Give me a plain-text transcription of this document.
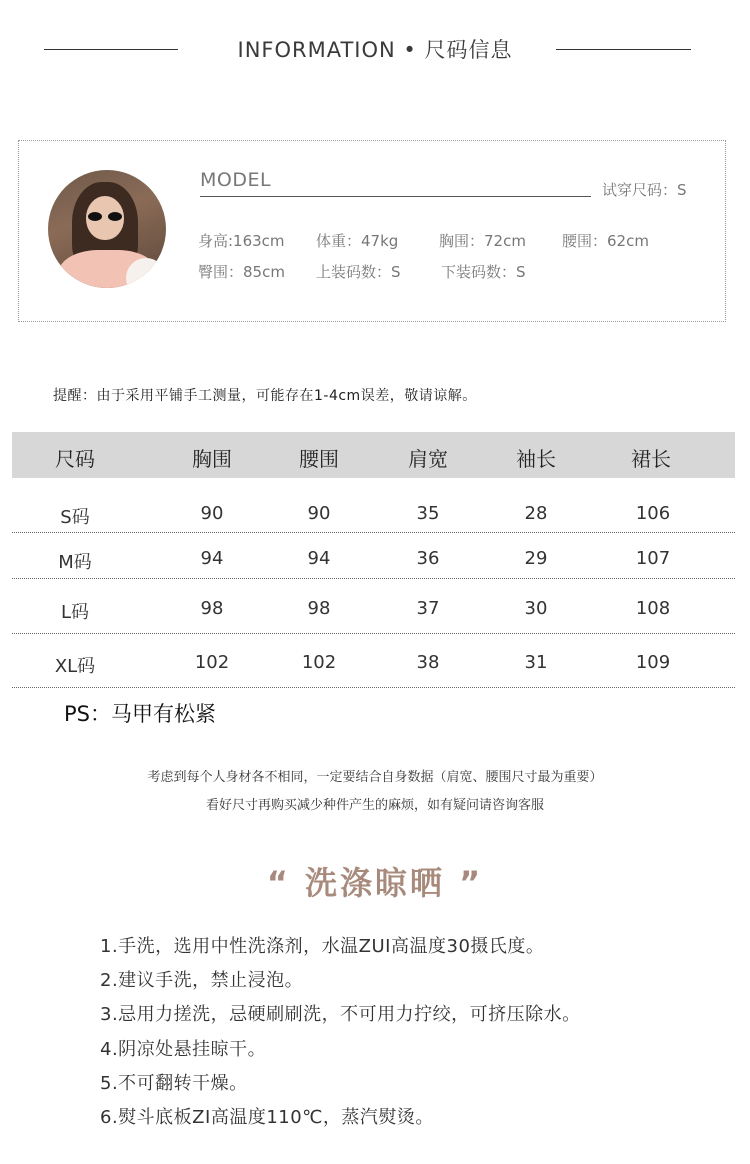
INFORMATION • 尺码信息
MODEL	试穿尺码：S
身高:163cm 体重：47kg	胸围：72cm 腰围：62cm
臀围：85cm 上装码数：S	下装码数：S
提醒：由于采用平铺手工测量，可能存在1-4cm误差，敬请谅解。
尺码	胸围	腰围	肩宽	袖长	裙长
S码	90	90	35	28	106
M码	94	94	36	29	107
L码	98	98	37	30	108
XL码	102	102	38	31	109
PS：马甲有松紧
考虑到每个人身材各不相同，一定要结合自身数据（肩宽、腰围尺寸最为重要）
看好尺寸再购买减少种件产生的麻烦，如有疑问请咨询客服
“ 洗涤晾晒 ”
1.手洗，选用中性洗涤剂，水温ZUI高温度30摄氏度。
2.建议手洗，禁止浸泡。
3.忌用力搓洗，忌硬刷刷洗，不可用力拧绞，可挤压除水。
4.阴凉处悬挂晾干。
5.不可翻转干燥。
6.熨斗底板ZI高温度110℃，蒸汽熨烫。
